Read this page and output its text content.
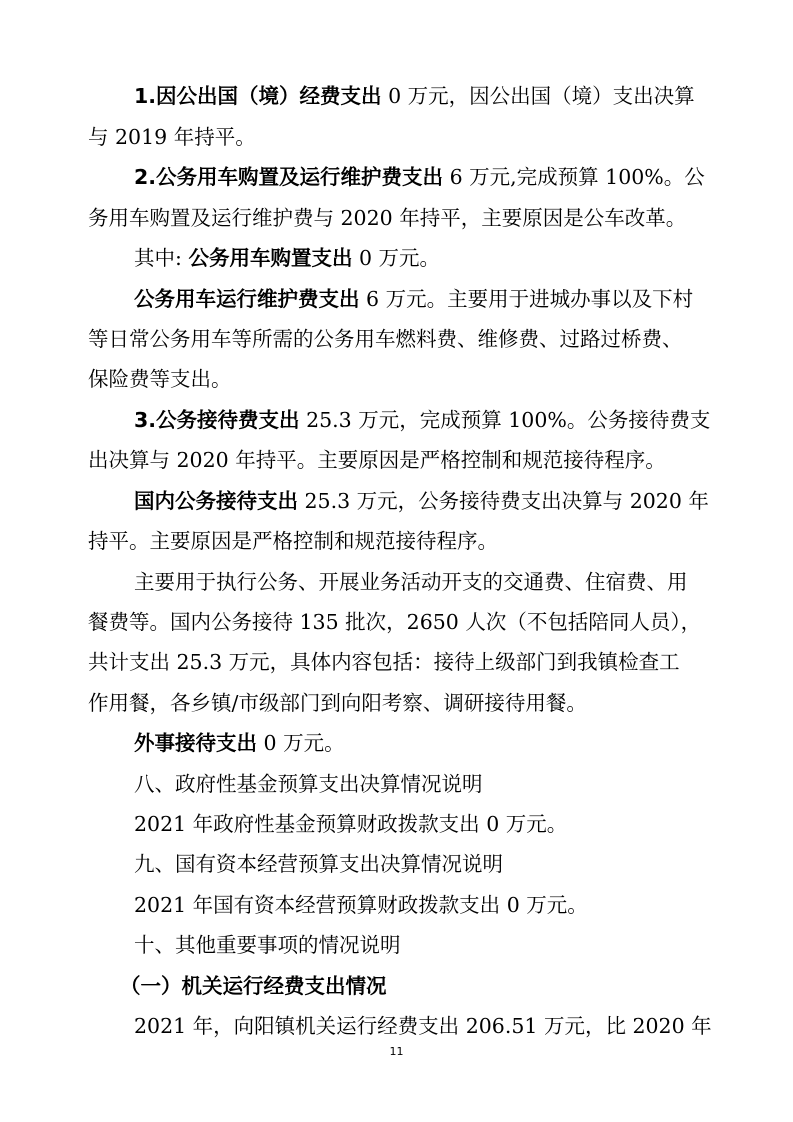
1.因公出国（境）经费支出 0 万元，因公出国（境）支出决算
与 2019 年持平。
2.公务用车购置及运行维护费支出 6 万元,完成预算 100%。公
务用车购置及运行维护费与 2020 年持平，主要原因是公车改革。
其中: 公务用车购置支出 0 万元。
公务用车运行维护费支出 6 万元。主要用于进城办事以及下村
等日常公务用车等所需的公务用车燃料费、维修费、过路过桥费、
保险费等支出。
3.公务接待费支出 25.3 万元，完成预算 100%。公务接待费支
出决算与 2020 年持平。主要原因是严格控制和规范接待程序。
国内公务接待支出 25.3 万元，公务接待费支出决算与 2020 年
持平。主要原因是严格控制和规范接待程序。
主要用于执行公务、开展业务活动开支的交通费、住宿费、用
餐费等。国内公务接待 135 批次，2650 人次（不包括陪同人员），
共计支出 25.3 万元，具体内容包括：接待上级部门到我镇检查工
作用餐，各乡镇/市级部门到向阳考察、调研接待用餐。
外事接待支出 0 万元。
八、政府性基金预算支出决算情况说明
2021 年政府性基金预算财政拨款支出 0 万元。
九、国有资本经营预算支出决算情况说明
2021 年国有资本经营预算财政拨款支出 0 万元。
十、其他重要事项的情况说明
（一）机关运行经费支出情况
2021 年，向阳镇机关运行经费支出 206.51 万元，比 2020 年
11
